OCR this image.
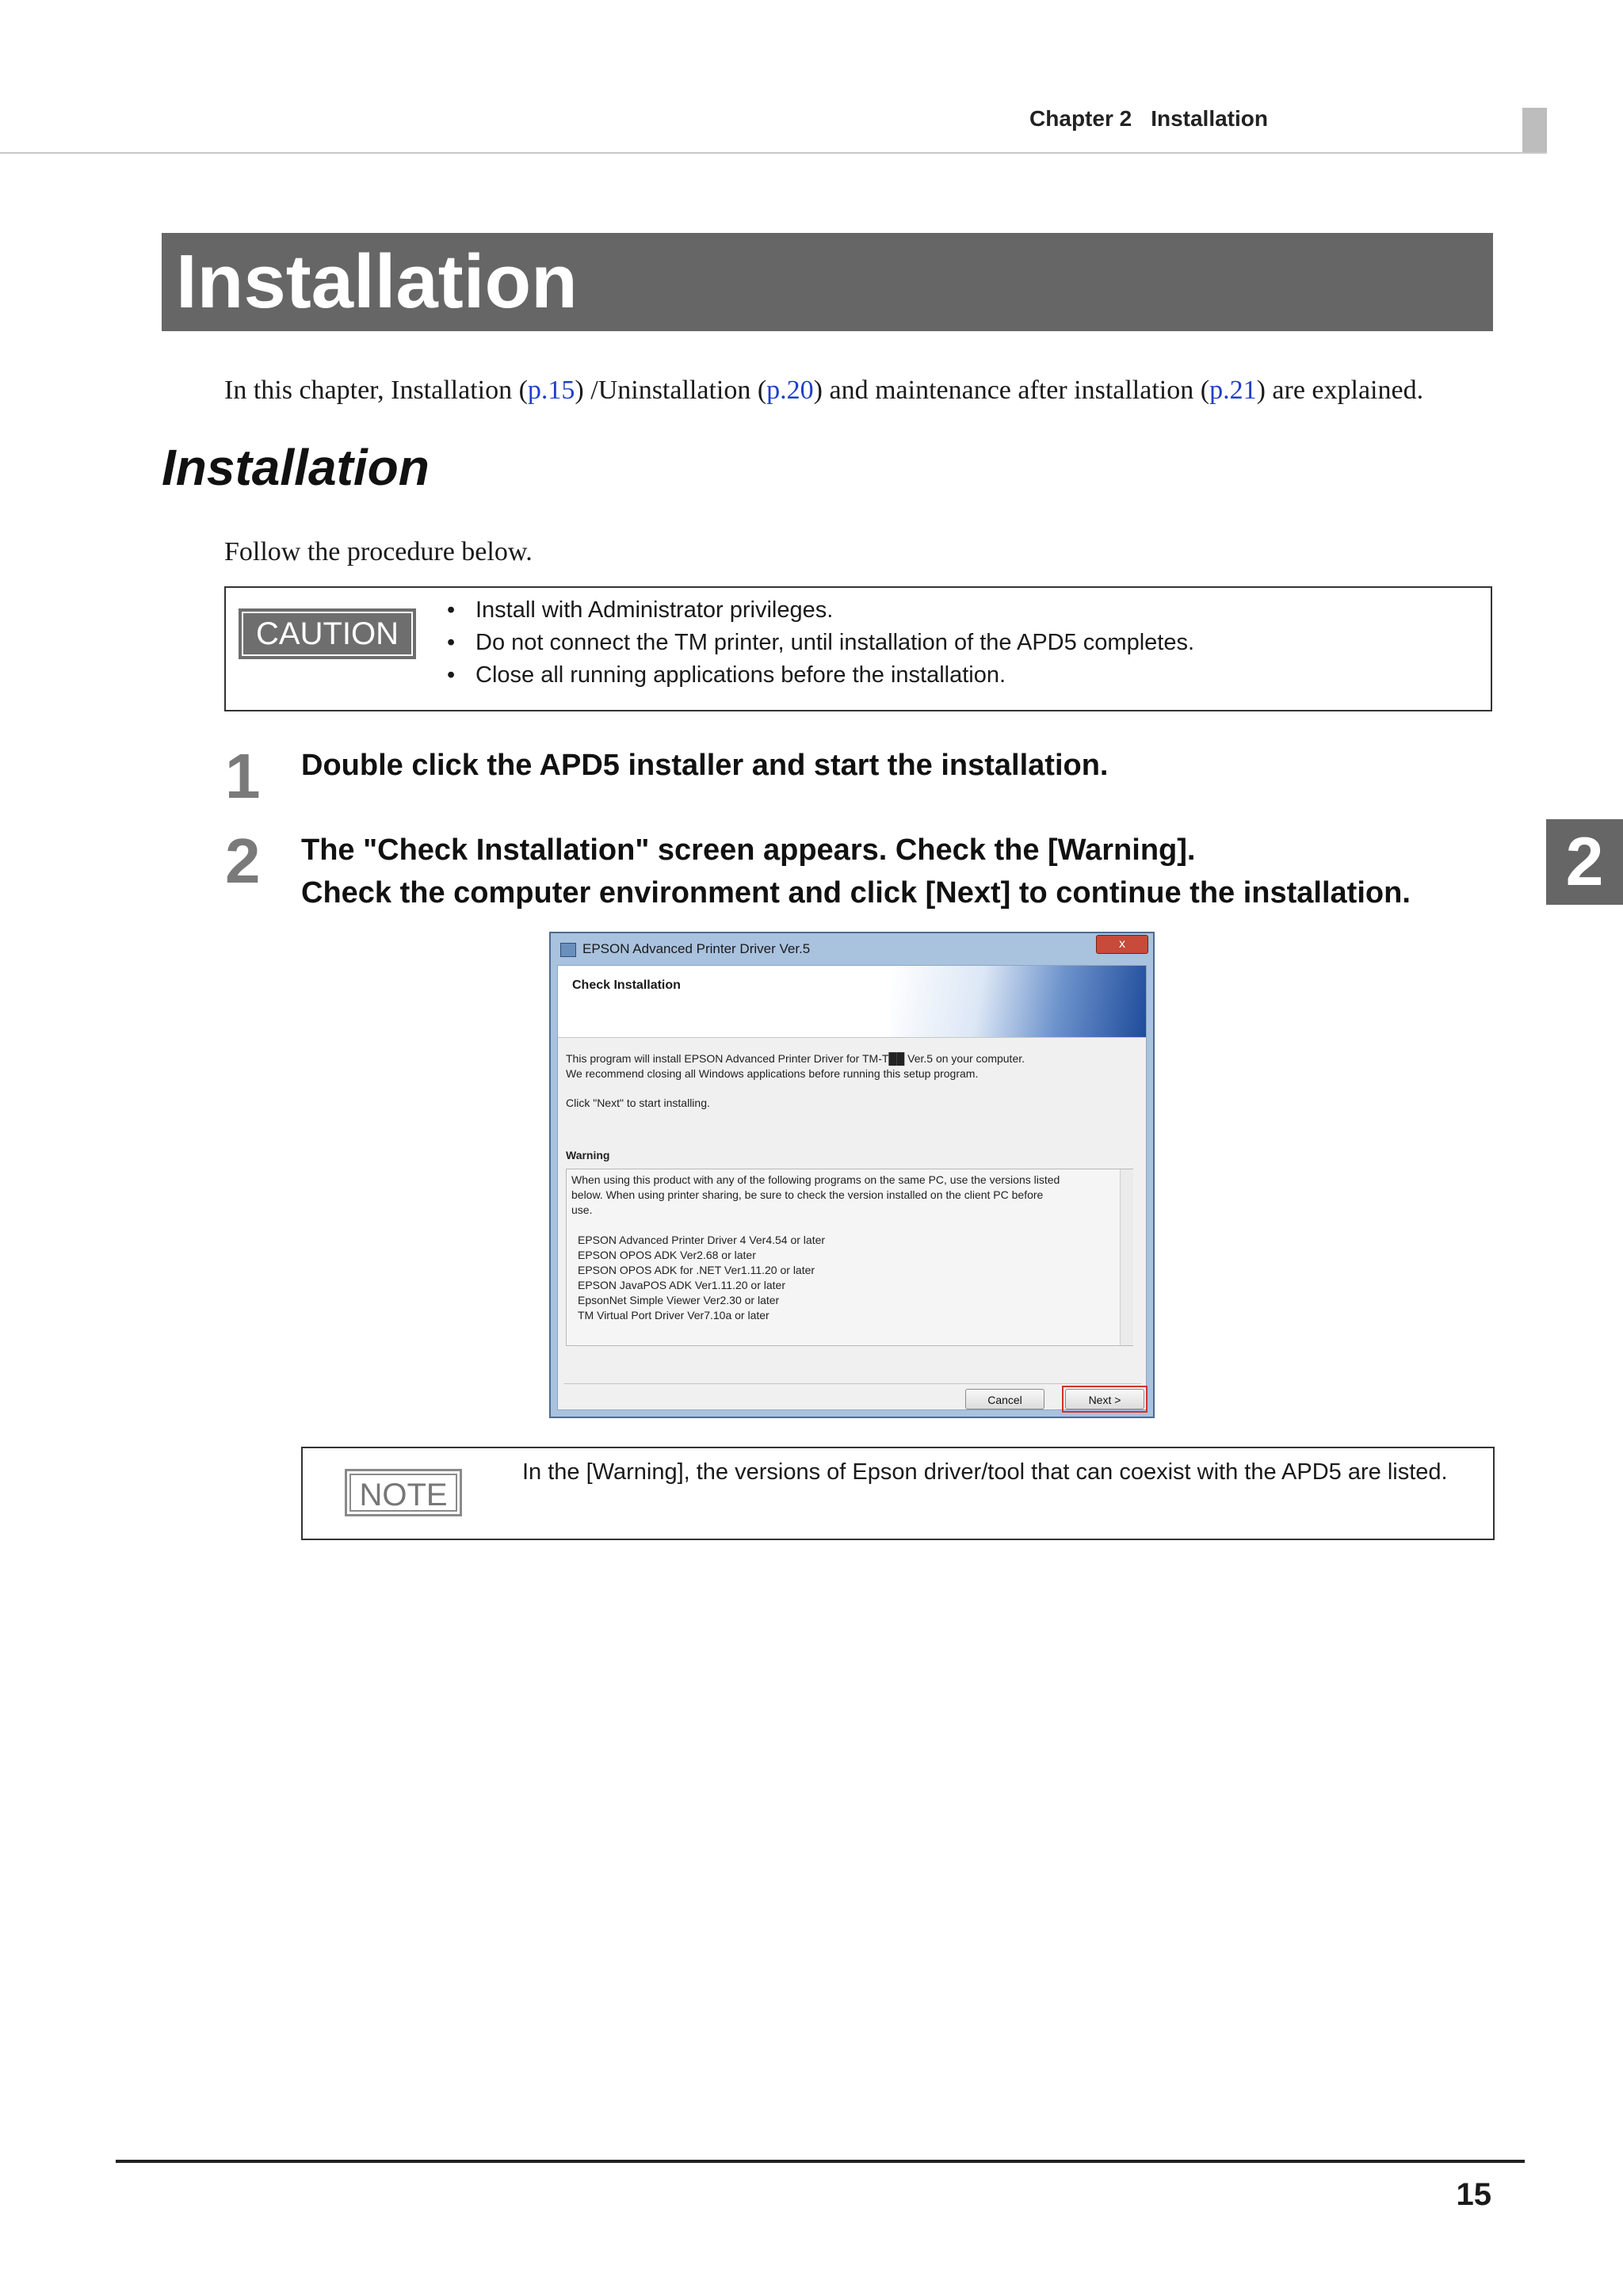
Chapter 2 Installation
Installation
In this chapter, Installation (p.15) /Uninstallation (p.20) and maintenance after installation (p.21) are explained.
Installation
Follow the procedure below.
CAUTION
• Install with Administrator privileges.
• Do not connect the TM printer, until installation of the APD5 completes.
• Close all running applications before the installation.
1 Double click the APD5 installer and start the installation.
2 The "Check Installation" screen appears. Check the [Warning].
Check the computer environment and click [Next] to continue the installation. 2
EPSON Advanced Printer Driver Ver.5	x
Check Installation
This program will install EPSON Advanced Printer Driver for TM-T██ Ver.5 on your computer.
We recommend closing all Windows applications before running this setup program.
Click "Next" to start installing.
Warning
When using this product with any of the following programs on the same PC, use the versions listed
below. When using printer sharing, be sure to check the version installed on the client PC before
use.
EPSON Advanced Printer Driver 4 Ver4.54 or later
EPSON OPOS ADK Ver2.68 or later
EPSON OPOS ADK for .NET Ver1.11.20 or later
EPSON JavaPOS ADK Ver1.11.20 or later
EpsonNet Simple Viewer Ver2.30 or later
TM Virtual Port Driver Ver7.10a or later
Cancel	Next >
NOTE
In the [Warning], the versions of Epson driver/tool that can coexist with the APD5 are listed.
15
